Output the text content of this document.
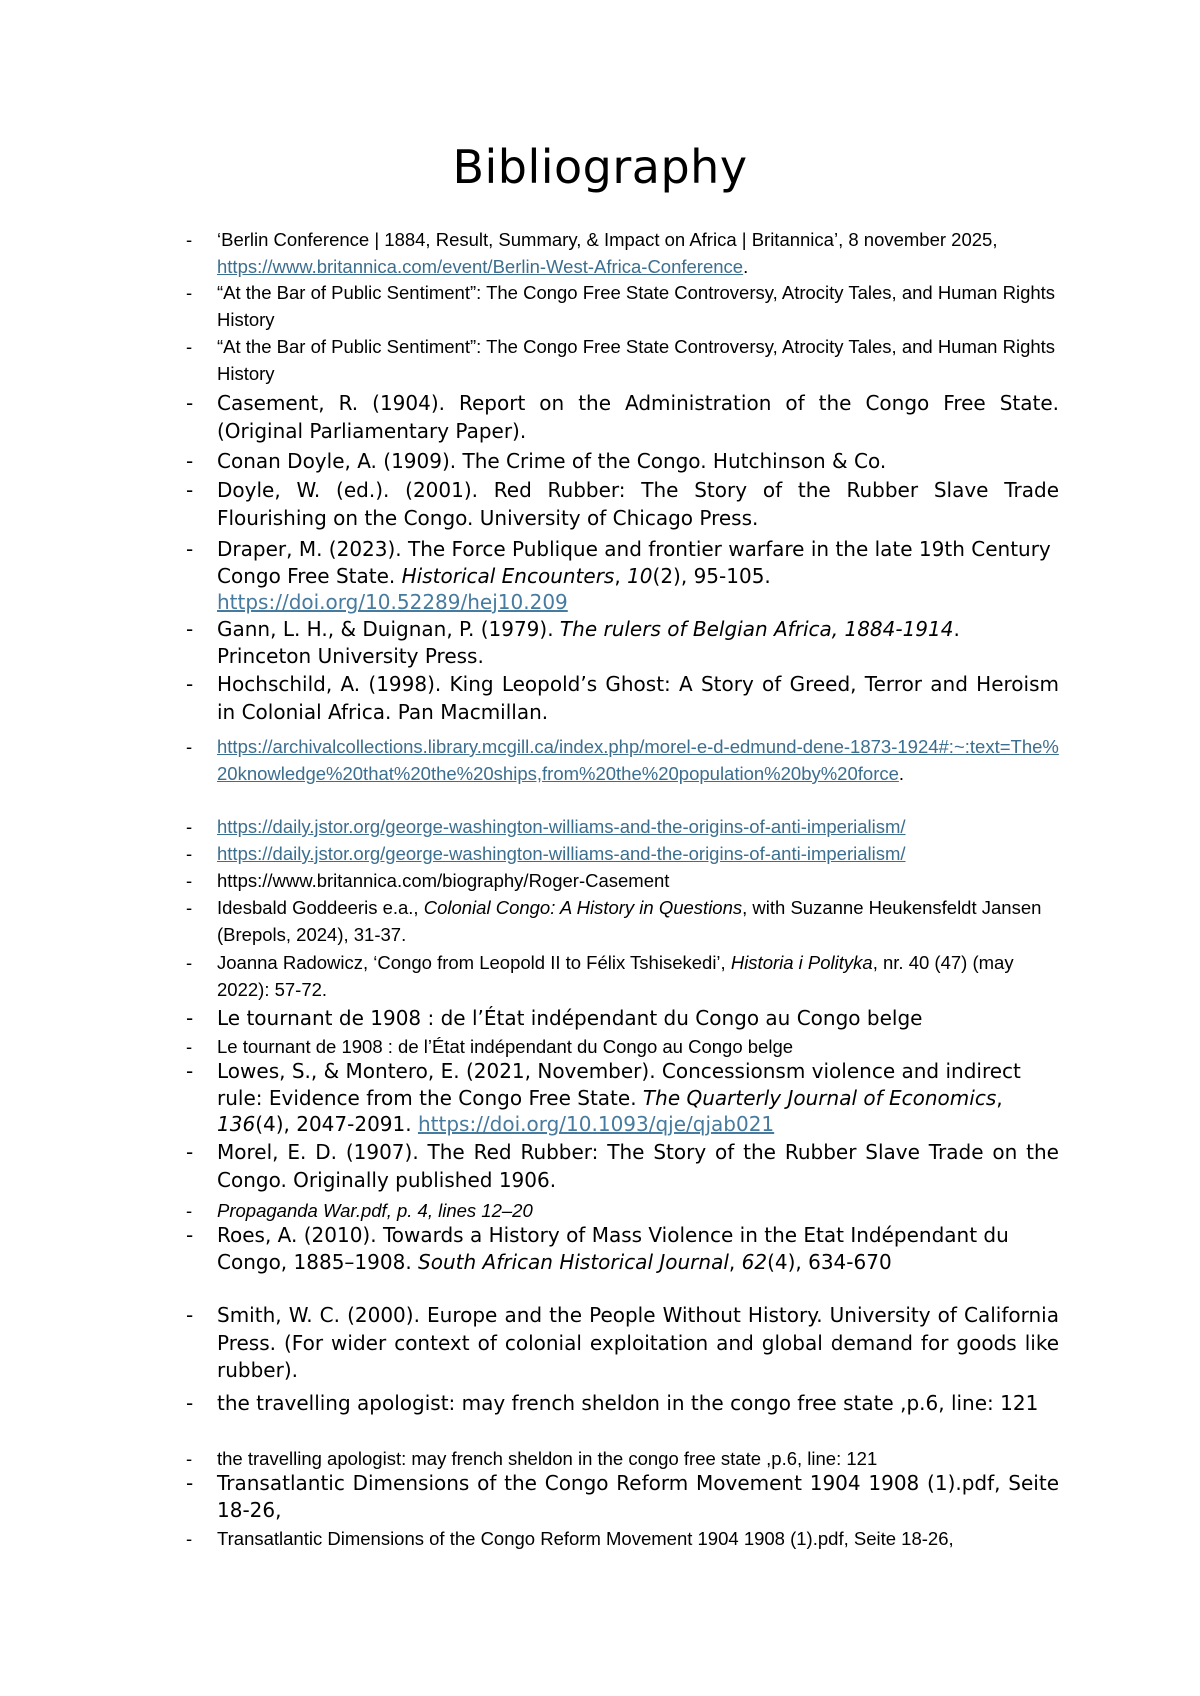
Bibliography
- ‘Berlin Conference | 1884, Result, Summary, & Impact on Africa | Britannica’, 8 november 2025, https://www.britannica.com/event/Berlin-West-Africa-Conference.
- “At the Bar of Public Sentiment”: The Congo Free State Controversy, Atrocity Tales, and Human Rights History
- “At the Bar of Public Sentiment”: The Congo Free State Controversy, Atrocity Tales, and Human Rights History
- Casement, R. (1904). Report on the Administration of the Congo Free State. (Original Parliamentary Paper).
- Conan Doyle, A. (1909). The Crime of the Congo. Hutchinson & Co.
- Doyle, W. (ed.). (2001). Red Rubber: The Story of the Rubber Slave Trade Flourishing on the Congo. University of Chicago Press.
- Draper, M. (2023). The Force Publique and frontier warfare in the late 19th Century Congo Free State. Historical Encounters, 10(2), 95-105. https://doi.org/10.52289/hej10.209
- Gann, L. H., & Duignan, P. (1979). The rulers of Belgian Africa, 1884-1914. Princeton University Press.
- Hochschild, A. (1998). King Leopold’s Ghost: A Story of Greed, Terror and Heroism in Colonial Africa. Pan Macmillan.
- https://archivalcollections.library.mcgill.ca/index.php/morel-e-d-edmund-dene-1873-1924#:~:text=The%20knowledge%20that%20the%20ships,from%20the%20population%20by%20force.
- https://daily.jstor.org/george-washington-williams-and-the-origins-of-anti-imperialism/
- https://daily.jstor.org/george-washington-williams-and-the-origins-of-anti-imperialism/
- https://www.britannica.com/biography/Roger-Casement
- Idesbald Goddeeris e.a., Colonial Congo: A History in Questions, with Suzanne Heukensfeldt Jansen (Brepols, 2024), 31-37.
- Joanna Radowicz, ‘Congo from Leopold II to Félix Tshisekedi’, Historia i Polityka, nr. 40 (47) (may 2022): 57-72.
- Le tournant de 1908 : de l’État indépendant du Congo au Congo belge
- Le tournant de 1908 : de l’État indépendant du Congo au Congo belge
- Lowes, S., & Montero, E. (2021, November). Concessionsm violence and indirect rule: Evidence from the Congo Free State. The Quarterly Journal of Economics, 136(4), 2047-2091. https://doi.org/10.1093/qje/qjab021
- Morel, E. D. (1907). The Red Rubber: The Story of the Rubber Slave Trade on the Congo. Originally published 1906.
- Propaganda War.pdf, p. 4, lines 12–20
- Roes, A. (2010). Towards a History of Mass Violence in the Etat Indépendant du Congo, 1885–1908. South African Historical Journal, 62(4), 634-670
- Smith, W. C. (2000). Europe and the People Without History. University of California Press. (For wider context of colonial exploitation and global demand for goods like rubber).
- the travelling apologist: may french sheldon in the congo free state ,p.6, line: 121
- the travelling apologist: may french sheldon in the congo free state ,p.6, line: 121
- Transatlantic Dimensions of the Congo Reform Movement 1904 1908 (1).pdf, Seite 18-26,
- Transatlantic Dimensions of the Congo Reform Movement 1904 1908 (1).pdf, Seite 18-26,
